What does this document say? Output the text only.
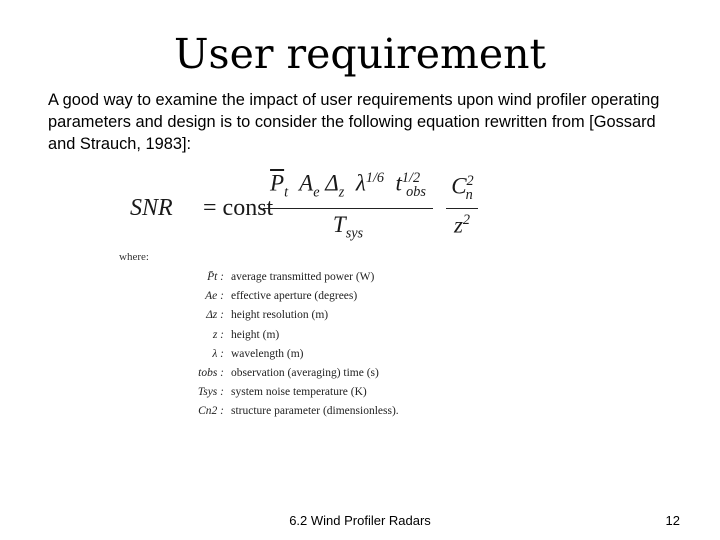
User requirement
A good way to examine the impact of user requirements upon wind profiler operating parameters and design is to consider the following equation rewritten from [Gossard and Strauch, 1983]:
SNR = const
$\overline{P}_t$  $A_e$ $\Delta_z$  $\lambda^{1/6}$  $t^{1/2}_{obs}$
$T_{sys}$
$C^2_n$
$z^2$
where:
P̄t : average transmitted power (W)
Ae : effective aperture (degrees)
Δz : height resolution (m)
z : height (m)
λ : wavelength (m)
tobs : observation (averaging) time (s)
Tsys : system noise temperature (K)
Cn2 : structure parameter (dimensionless).
6.2 Wind Profiler Radars	12
